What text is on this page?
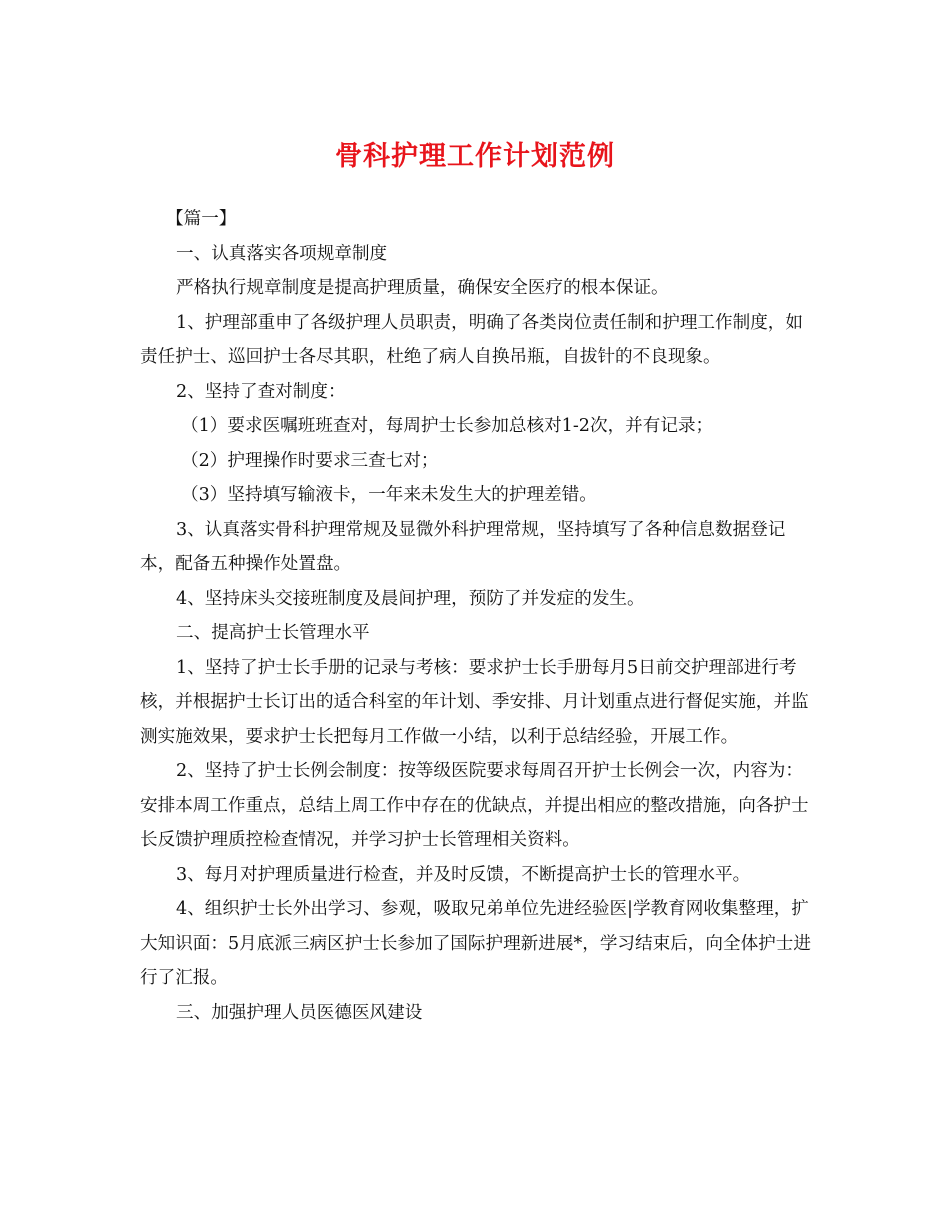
骨科护理工作计划范例

【篇一】

一、认真落实各项规章制度

严格执行规章制度是提高护理质量，确保安全医疗的根本保证。

1、护理部重申了各级护理人员职责，明确了各类岗位责任制和护理工作制度，如责任护士、巡回护士各尽其职，杜绝了病人自换吊瓶，自拔针的不良现象。

2、坚持了查对制度：

（1）要求医嘱班班查对，每周护士长参加总核对1-2次，并有记录；

（2）护理操作时要求三查七对；

（3）坚持填写输液卡，一年来未发生大的护理差错。

3、认真落实骨科护理常规及显微外科护理常规，坚持填写了各种信息数据登记本，配备五种操作处置盘。

4、坚持床头交接班制度及晨间护理，预防了并发症的发生。

二、提高护士长管理水平

1、坚持了护士长手册的记录与考核：要求护士长手册每月5日前交护理部进行考核，并根据护士长订出的适合科室的年计划、季安排、月计划重点进行督促实施，并监测实施效果，要求护士长把每月工作做一小结，以利于总结经验，开展工作。

2、坚持了护士长例会制度：按等级医院要求每周召开护士长例会一次，内容为：安排本周工作重点，总结上周工作中存在的优缺点，并提出相应的整改措施，向各护士长反馈护理质控检查情况，并学习护士长管理相关资料。

3、每月对护理质量进行检查，并及时反馈，不断提高护士长的管理水平。

4、组织护士长外出学习、参观，吸取兄弟单位先进经验医|学教育网收集整理，扩大知识面：5月底派三病区护士长参加了国际护理新进展*，学习结束后，向全体护士进行了汇报。

三、加强护理人员医德医风建设
